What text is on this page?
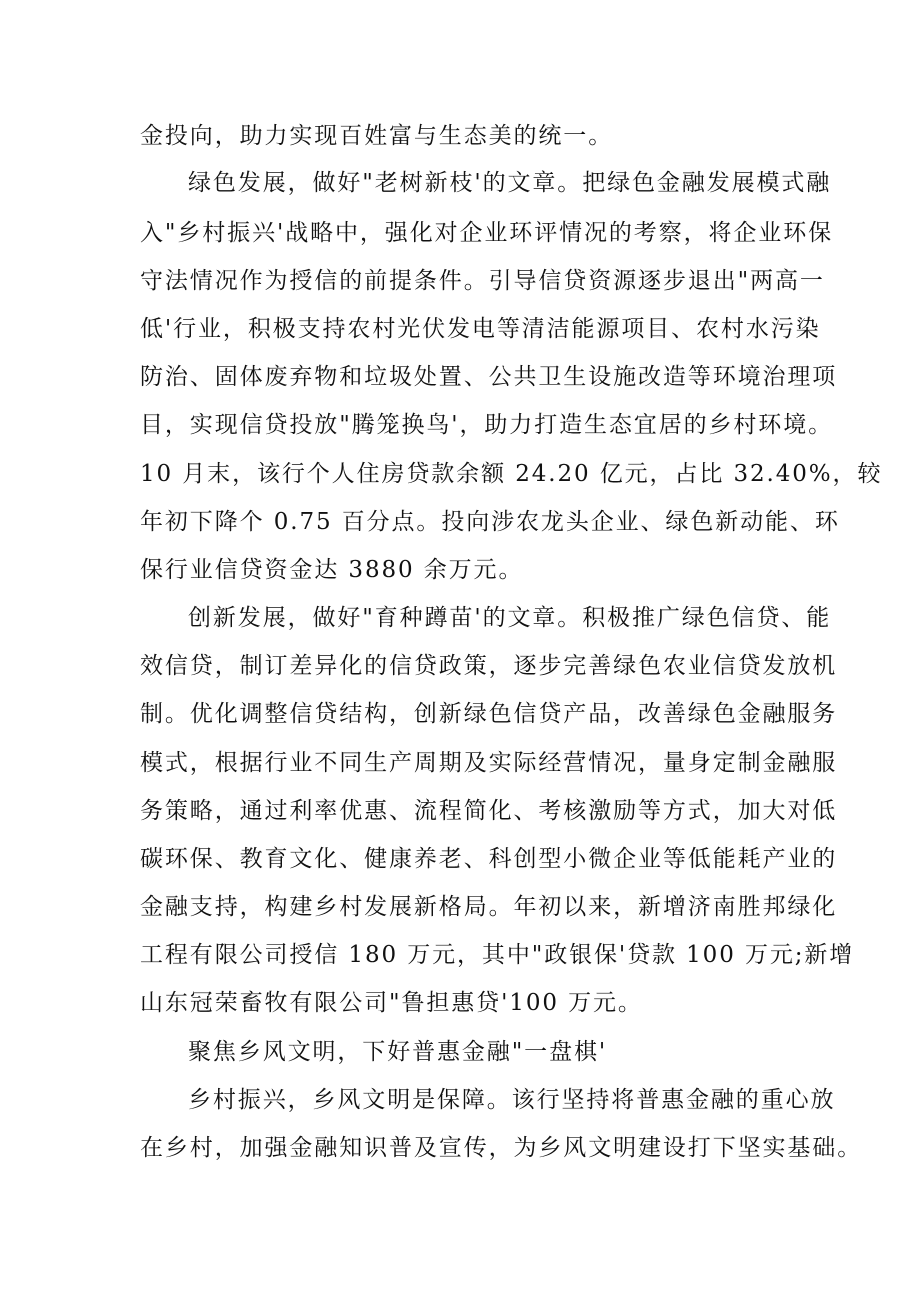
金投向，助力实现百姓富与生态美的统一。
绿色发展，做好"老树新枝'的文章。把绿色金融发展模式融
入"乡村振兴'战略中，强化对企业环评情况的考察，将企业环保
守法情况作为授信的前提条件。引导信贷资源逐步退出"两高一
低'行业，积极支持农村光伏发电等清洁能源项目、农村水污染
防治、固体废弃物和垃圾处置、公共卫生设施改造等环境治理项
目，实现信贷投放"腾笼换鸟'，助力打造生态宜居的乡村环境。
10 月末，该行个人住房贷款余额 24.20 亿元，占比 32.40%，较
年初下降个 0.75 百分点。投向涉农龙头企业、绿色新动能、环
保行业信贷资金达 3880 余万元。
创新发展，做好"育种蹲苗'的文章。积极推广绿色信贷、能
效信贷，制订差异化的信贷政策，逐步完善绿色农业信贷发放机
制。优化调整信贷结构，创新绿色信贷产品，改善绿色金融服务
模式，根据行业不同生产周期及实际经营情况，量身定制金融服
务策略，通过利率优惠、流程简化、考核激励等方式，加大对低
碳环保、教育文化、健康养老、科创型小微企业等低能耗产业的
金融支持，构建乡村发展新格局。年初以来，新增济南胜邦绿化
工程有限公司授信 180 万元，其中"政银保'贷款 100 万元;新增
山东冠荣畜牧有限公司"鲁担惠贷'100 万元。
聚焦乡风文明，下好普惠金融"一盘棋'
乡村振兴，乡风文明是保障。该行坚持将普惠金融的重心放
在乡村，加强金融知识普及宣传，为乡风文明建设打下坚实基础。
